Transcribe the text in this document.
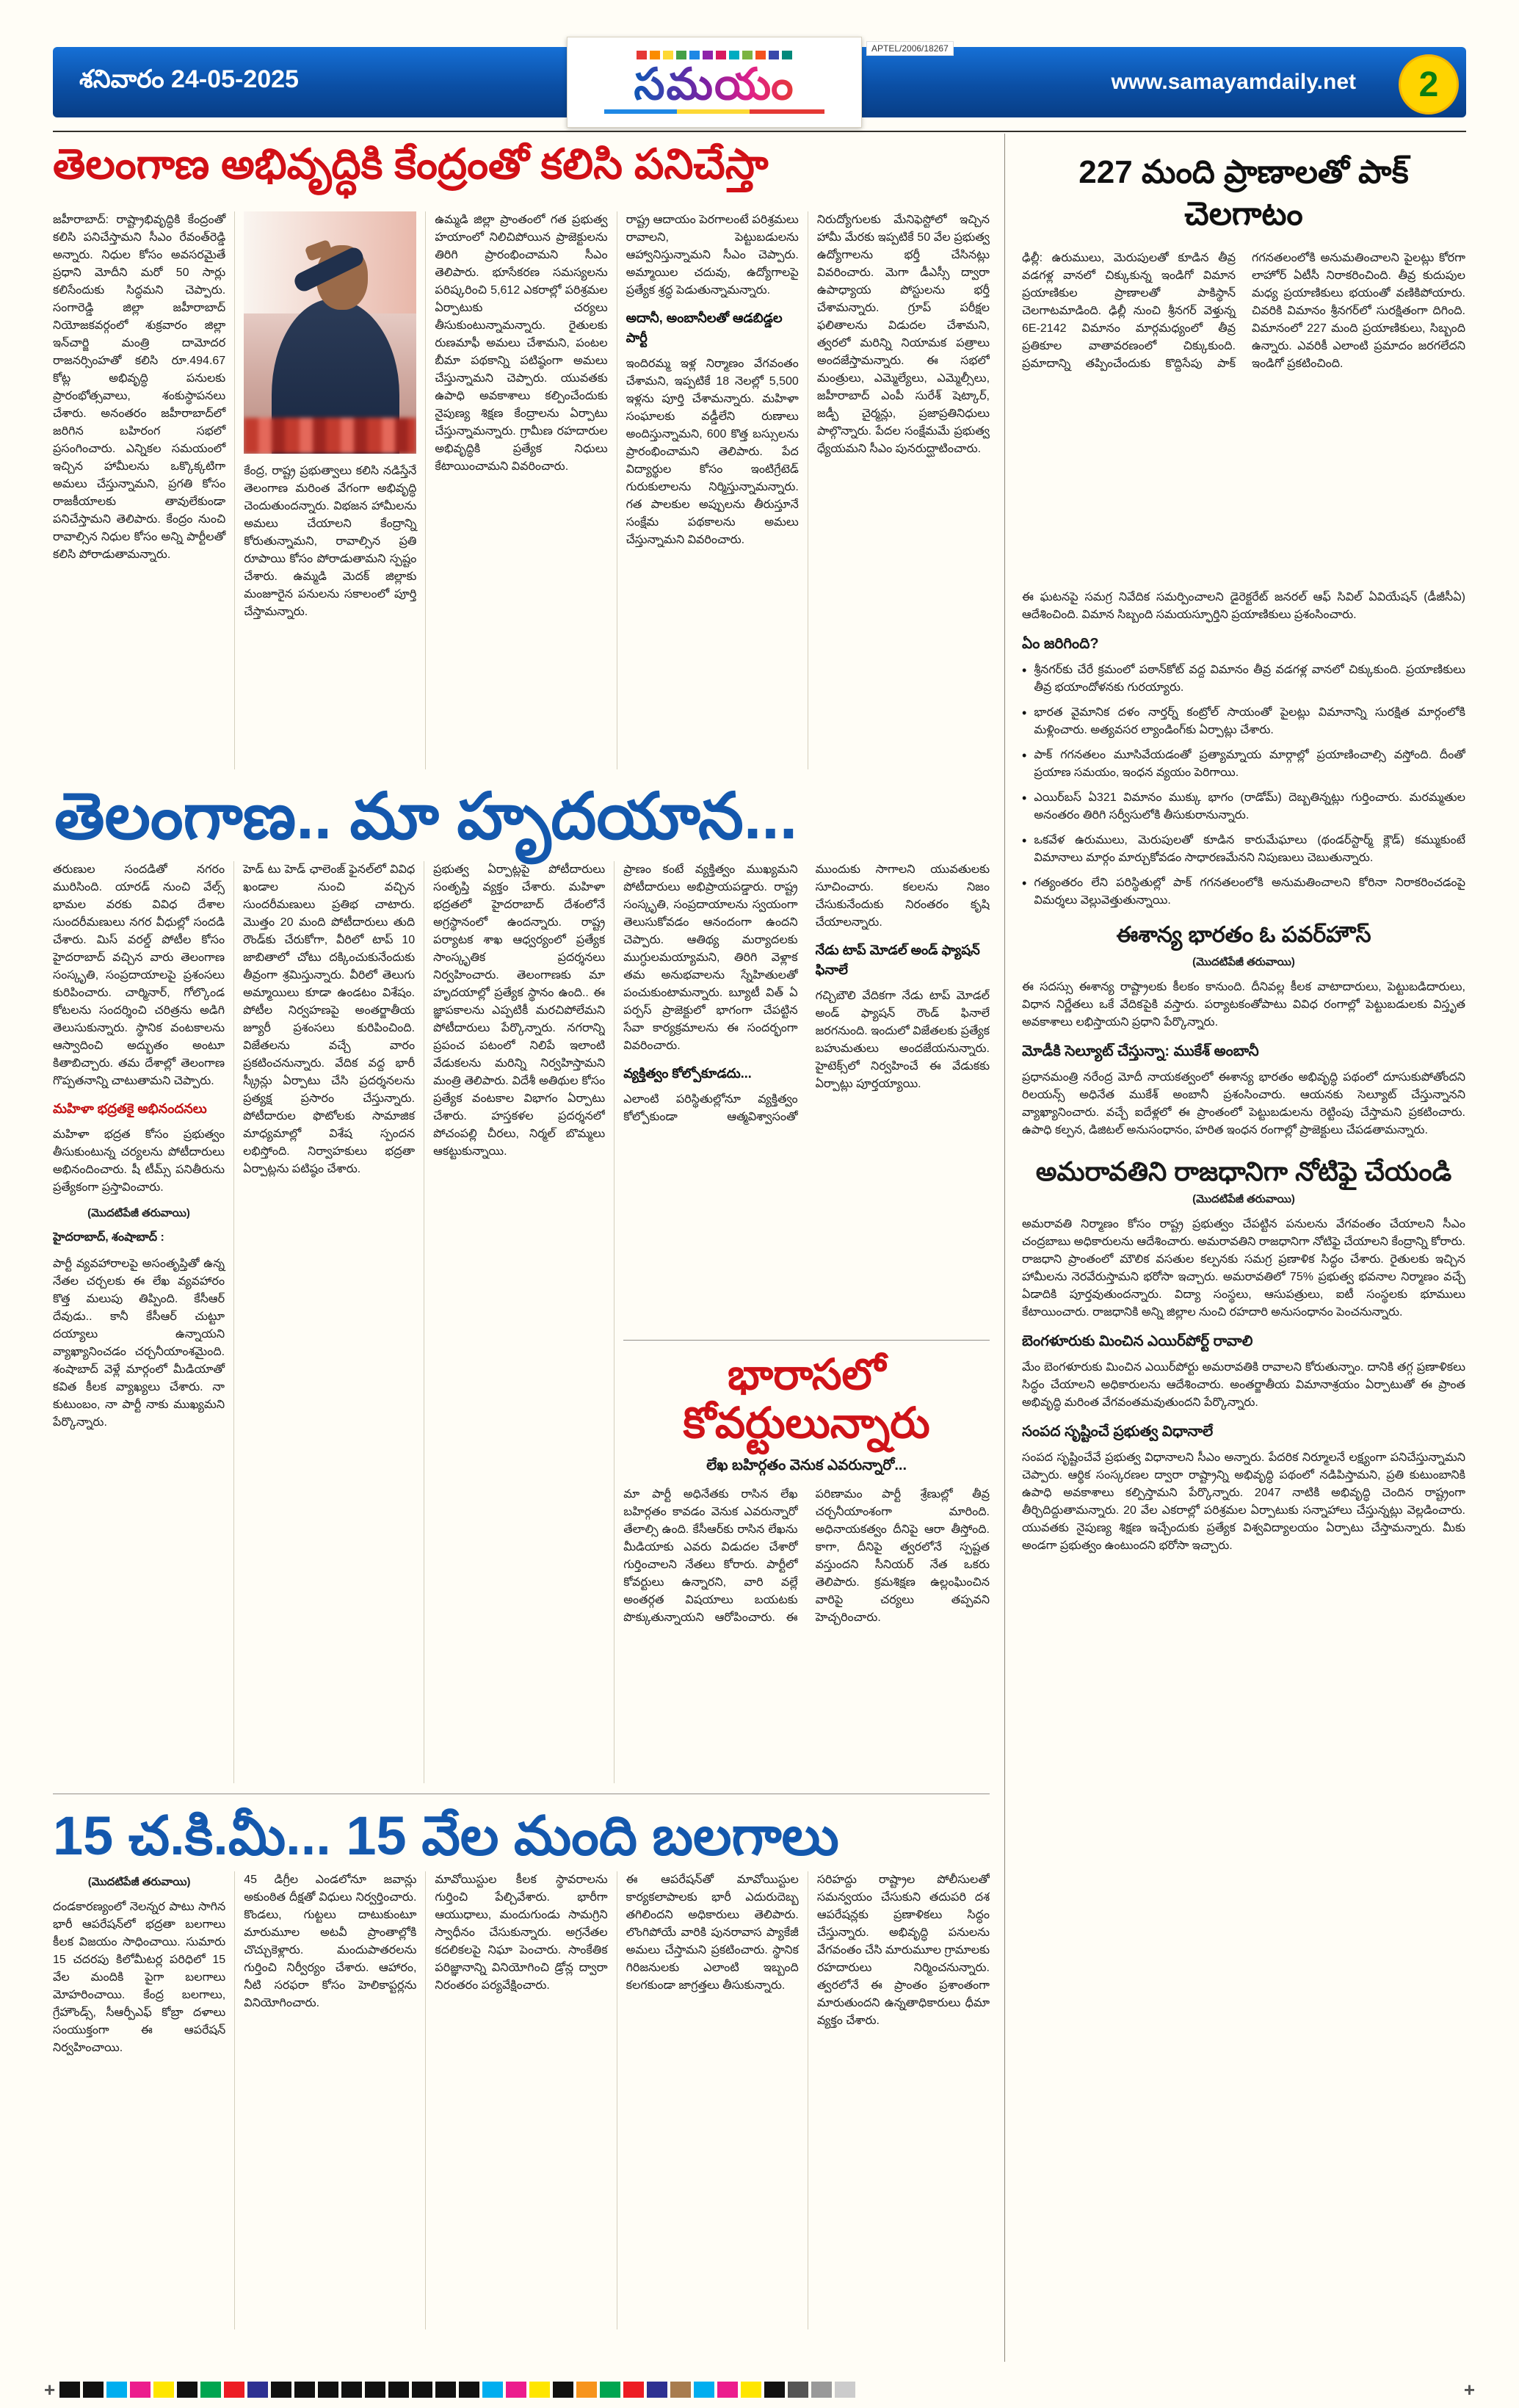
శనివారం 24-05-2025	సమయం
APTEL/2006/18267
www.samayamdaily.net	2
తెలంగాణ అభివృద్ధికి కేంద్రంతో కలిసి పనిచేస్తా

జహీరాబాద్: రాష్ట్రాభివృద్ధికి కేంద్రంతో కలిసి పనిచేస్తామని సీఎం రేవంత్‌రెడ్డి అన్నారు. నిధుల కోసం అవసరమైతే ప్రధాని మోదీని మరో 50 సార్లు కలిసేందుకు సిద్ధమని చెప్పారు. సంగారెడ్డి జిల్లా జహీరాబాద్ నియోజకవర్గంలో శుక్రవారం జిల్లా ఇన్‌చార్జి మంత్రి దామోదర రాజనర్సింహతో కలిసి రూ.494.67 కోట్ల అభివృద్ధి పనులకు ప్రారంభోత్సవాలు, శంకుస్థాపనలు చేశారు. అనంతరం జహీరాబాద్‌లో జరిగిన బహిరంగ సభలో ప్రసంగించారు. ఎన్నికల సమయంలో ఇచ్చిన హామీలను ఒక్కొక్కటిగా అమలు చేస్తున్నామని, ప్రగతి కోసం రాజకీయాలకు తావులేకుండా పనిచేస్తామని తెలిపారు. కేంద్రం నుంచి రావాల్సిన నిధుల కోసం అన్ని పార్టీలతో కలిసి పోరాడుతామన్నారు.

కేంద్ర, రాష్ట్ర ప్రభుత్వాలు కలిసి నడిస్తేనే తెలంగాణ మరింత వేగంగా అభివృద్ధి చెందుతుందన్నారు. విభజన హామీలను అమలు చేయాలని కేంద్రాన్ని కోరుతున్నామని, రావాల్సిన ప్రతి రూపాయి కోసం పోరాడుతామని స్పష్టం చేశారు. ఉమ్మడి మెదక్ జిల్లాకు మంజూరైన పనులను సకాలంలో పూర్తి చేస్తామన్నారు.

ఉమ్మడి జిల్లా ప్రాంతంలో గత ప్రభుత్వ హయాంలో నిలిచిపోయిన ప్రాజెక్టులను తిరిగి ప్రారంభించామని సీఎం తెలిపారు. భూసేకరణ సమస్యలను పరిష్కరించి 5,612 ఎకరాల్లో పరిశ్రమల ఏర్పాటుకు చర్యలు తీసుకుంటున్నామన్నారు. రైతులకు రుణమాఫీ అమలు చేశామని, పంటల బీమా పథకాన్ని పటిష్ఠంగా అమలు చేస్తున్నామని చెప్పారు. యువతకు ఉపాధి అవకాశాలు కల్పించేందుకు నైపుణ్య శిక్షణ కేంద్రాలను ఏర్పాటు చేస్తున్నామన్నారు. గ్రామీణ రహదారుల అభివృద్ధికి ప్రత్యేక నిధులు కేటాయించామని వివరించారు.

రాష్ట్ర ఆదాయం పెరగాలంటే పరిశ్రమలు రావాలని, పెట్టుబడులను ఆహ్వానిస్తున్నామని సీఎం చెప్పారు. అమ్మాయిల చదువు, ఉద్యోగాలపై ప్రత్యేక శ్రద్ధ పెడుతున్నామన్నారు.

అదానీ, అంబానీలతో ఆడబిడ్డల పార్టీ

ఇందిరమ్మ ఇళ్ల నిర్మాణం వేగవంతం చేశామని, ఇప్పటికే 18 నెలల్లో 5,500 ఇళ్లను పూర్తి చేశామన్నారు. మహిళా సంఘాలకు వడ్డీలేని రుణాలు అందిస్తున్నామని, 600 కొత్త బస్సులను ప్రారంభించామని తెలిపారు. పేద విద్యార్థుల కోసం ఇంటిగ్రేటెడ్ గురుకులాలను నిర్మిస్తున్నామన్నారు. గత పాలకుల అప్పులను తీరుస్తూనే సంక్షేమ పథకాలను అమలు చేస్తున్నామని వివరించారు.

నిరుద్యోగులకు మేనిఫెస్టోలో ఇచ్చిన హామీ మేరకు ఇప్పటికే 50 వేల ప్రభుత్వ ఉద్యోగాలను భర్తీ చేసినట్లు వివరించారు. మెగా డీఎస్సీ ద్వారా ఉపాధ్యాయ పోస్టులను భర్తీ చేశామన్నారు. గ్రూప్ పరీక్షల ఫలితాలను విడుదల చేశామని, త్వరలో మరిన్ని నియామక పత్రాలు అందజేస్తామన్నారు. ఈ సభలో మంత్రులు, ఎమ్మెల్యేలు, ఎమ్మెల్సీలు, జహీరాబాద్ ఎంపీ సురేశ్ షెట్కార్, జడ్పీ చైర్మన్లు, ప్రజాప్రతినిధులు పాల్గొన్నారు. పేదల సంక్షేమమే ప్రభుత్వ ధ్యేయమని సీఎం పునరుద్ఘాటించారు.

తెలంగాణ.. మా హృదయాన...

తరుణుల సందడితో నగరం మురిసింది. యారడ్ నుంచి వేల్స్ భామల వరకు వివిధ దేశాల సుందరీమణులు నగర వీధుల్లో సందడి చేశారు. మిస్ వరల్డ్ పోటీల కోసం హైదరాబాద్ వచ్చిన వారు తెలంగాణ సంస్కృతి, సంప్రదాయాలపై ప్రశంసలు కురిపించారు. చార్మినార్, గోల్కొండ కోటలను సందర్శించి చరిత్రను అడిగి తెలుసుకున్నారు. స్థానిక వంటకాలను ఆస్వాదించి అద్భుతం అంటూ కితాబిచ్చారు. తమ దేశాల్లో తెలంగాణ గొప్పతనాన్ని చాటుతామని చెప్పారు.

మహిళా భద్రతకై అభినందనలు

మహిళా భద్రత కోసం ప్రభుత్వం తీసుకుంటున్న చర్యలను పోటీదారులు అభినందించారు. షీ టీమ్స్ పనితీరును ప్రత్యేకంగా ప్రస్తావించారు.

(మొదటిపేజీ తరువాయి)

హైదరాబాద్, శంషాబాద్ :

పార్టీ వ్యవహారాలపై అసంతృప్తితో ఉన్న నేతల చర్చలకు ఈ లేఖ వ్యవహారం కొత్త మలుపు తిప్పింది. కేసీఆర్ దేవుడు.. కానీ కేసీఆర్ చుట్టూ దయ్యాలు ఉన్నాయని వ్యాఖ్యానించడం చర్చనీయాంశమైంది. శంషాబాద్ వెళ్లే మార్గంలో మీడియాతో కవిత కీలక వ్యాఖ్యలు చేశారు. నా కుటుంబం, నా పార్టీ నాకు ముఖ్యమని పేర్కొన్నారు.

హెడ్ టు హెడ్ ఛాలెంజ్ ఫైనల్‌లో వివిధ ఖండాల నుంచి వచ్చిన సుందరీమణులు ప్రతిభ చాటారు. మొత్తం 20 మంది పోటీదారులు తుది రౌండ్‌కు చేరుకోగా, వీరిలో టాప్ 10 జాబితాలో చోటు దక్కించుకునేందుకు తీవ్రంగా శ్రమిస్తున్నారు. వీరిలో తెలుగు అమ్మాయిలు కూడా ఉండటం విశేషం. పోటీల నిర్వహణపై అంతర్జాతీయ జ్యూరీ ప్రశంసలు కురిపించింది. విజేతలను వచ్చే వారం ప్రకటించనున్నారు. వేదిక వద్ద భారీ స్క్రీన్లు ఏర్పాటు చేసి ప్రదర్శనలను ప్రత్యక్ష ప్రసారం చేస్తున్నారు. పోటీదారుల ఫొటోలకు సామాజిక మాధ్యమాల్లో విశేష స్పందన లభిస్తోంది. నిర్వాహకులు భద్రతా ఏర్పాట్లను పటిష్ఠం చేశారు.

ప్రభుత్వ ఏర్పాట్లపై పోటీదారులు సంతృప్తి వ్యక్తం చేశారు. మహిళా భద్రతలో హైదరాబాద్ దేశంలోనే అగ్రస్థానంలో ఉందన్నారు. రాష్ట్ర పర్యాటక శాఖ ఆధ్వర్యంలో ప్రత్యేక సాంస్కృతిక ప్రదర్శనలు నిర్వహించారు. తెలంగాణకు మా హృదయాల్లో ప్రత్యేక స్థానం ఉంది.. ఈ జ్ఞాపకాలను ఎప్పటికీ మరచిపోలేమని పోటీదారులు పేర్కొన్నారు. నగరాన్ని ప్రపంచ పటంలో నిలిపే ఇలాంటి వేడుకలను మరిన్ని నిర్వహిస్తామని మంత్రి తెలిపారు. విదేశీ అతిథుల కోసం ప్రత్యేక వంటకాల విభాగం ఏర్పాటు చేశారు. హస్తకళల ప్రదర్శనలో పోచంపల్లి చీరలు, నిర్మల్ బొమ్మలు ఆకట్టుకున్నాయి.

ప్రాణం కంటే వ్యక్తిత్వం ముఖ్యమని పోటీదారులు అభిప్రాయపడ్డారు. రాష్ట్ర సంస్కృతి, సంప్రదాయాలను స్వయంగా తెలుసుకోవడం ఆనందంగా ఉందని చెప్పారు. ఆతిథ్య మర్యాదలకు ముగ్ధులమయ్యామని, తిరిగి వెళ్లాక తమ అనుభవాలను స్నేహితులతో పంచుకుంటామన్నారు. బ్యూటీ విత్ ఏ పర్పస్ ప్రాజెక్టులో భాగంగా చేపట్టిన సేవా కార్యక్రమాలను ఈ సందర్భంగా వివరించారు.

వ్యక్తిత్వం కోల్పోకూడదు...

ఎలాంటి పరిస్థితుల్లోనూ వ్యక్తిత్వం కోల్పోకుండా ఆత్మవిశ్వాసంతో ముందుకు సాగాలని యువతులకు సూచించారు. కలలను నిజం చేసుకునేందుకు నిరంతరం కృషి చేయాలన్నారు.

నేడు టాప్ మోడల్ అండ్ ఫ్యాషన్ ఫినాలే

గచ్చిబౌలి వేదికగా నేడు టాప్ మోడల్ అండ్ ఫ్యాషన్ రౌండ్ ఫినాలే జరగనుంది. ఇందులో విజేతలకు ప్రత్యేక బహుమతులు అందజేయనున్నారు. హైటెక్స్‌లో నిర్వహించే ఈ వేడుకకు ఏర్పాట్లు పూర్తయ్యాయి.

భారాసలో కోవర్టులున్నారు
లేఖ బహిర్గతం వెనుక ఎవరున్నారో...
మా పార్టీ అధినేతకు రాసిన లేఖ బహిర్గతం కావడం వెనుక ఎవరున్నారో తేలాల్సి ఉంది. కేసీఆర్‌కు రాసిన లేఖను మీడియాకు ఎవరు విడుదల చేశారో గుర్తించాలని నేతలు కోరారు. పార్టీలో కోవర్టులు ఉన్నారని, వారి వల్లే అంతర్గత విషయాలు బయటకు పొక్కుతున్నాయని ఆరోపించారు. ఈ పరిణామం పార్టీ శ్రేణుల్లో తీవ్ర చర్చనీయాంశంగా మారింది. అధినాయకత్వం దీనిపై ఆరా తీస్తోంది. కాగా, దీనిపై త్వరలోనే స్పష్టత వస్తుందని సీనియర్ నేత ఒకరు తెలిపారు. క్రమశిక్షణ ఉల్లంఘించిన వారిపై చర్యలు తప్పవని హెచ్చరించారు.
15 చ.కి.మీ... 15 వేల మంది బలగాలు
(మొదటిపేజీ తరువాయి)

దండకారణ్యంలో నెలన్నర పాటు సాగిన భారీ ఆపరేషన్‌లో భద్రతా బలగాలు కీలక విజయం సాధించాయి. సుమారు 15 చదరపు కిలోమీటర్ల పరిధిలో 15 వేల మందికి పైగా బలగాలు మోహరించాయి. కేంద్ర బలగాలు, గ్రేహౌండ్స్, సీఆర్పీఎఫ్ కోబ్రా దళాలు సంయుక్తంగా ఈ ఆపరేషన్ నిర్వహించాయి.

45 డిగ్రీల ఎండలోనూ జవాన్లు అకుంఠిత దీక్షతో విధులు నిర్వర్తించారు. కొండలు, గుట్టలు దాటుకుంటూ మారుమూల అటవీ ప్రాంతాల్లోకి చొచ్చుకెళ్లారు. మందుపాతరలను గుర్తించి నిర్వీర్యం చేశారు. ఆహారం, నీటి సరఫరా కోసం హెలికాప్టర్లను వినియోగించారు.

మావోయిస్టుల కీలక స్థావరాలను గుర్తించి పేల్చివేశారు. భారీగా ఆయుధాలు, మందుగుండు సామగ్రిని స్వాధీనం చేసుకున్నారు. అగ్రనేతల కదలికలపై నిఘా పెంచారు. సాంకేతిక పరిజ్ఞానాన్ని వినియోగించి డ్రోన్ల ద్వారా నిరంతరం పర్యవేక్షించారు.

ఈ ఆపరేషన్‌తో మావోయిస్టుల కార్యకలాపాలకు భారీ ఎదురుదెబ్బ తగిలిందని అధికారులు తెలిపారు. లొంగిపోయే వారికి పునరావాస ప్యాకేజీ అమలు చేస్తామని ప్రకటించారు. స్థానిక గిరిజనులకు ఎలాంటి ఇబ్బంది కలగకుండా జాగ్రత్తలు తీసుకున్నారు.

సరిహద్దు రాష్ట్రాల పోలీసులతో సమన్వయం చేసుకుని తదుపరి దశ ఆపరేషన్లకు ప్రణాళికలు సిద్ధం చేస్తున్నారు. అభివృద్ధి పనులను వేగవంతం చేసి మారుమూల గ్రామాలకు రహదారులు నిర్మించనున్నారు. త్వరలోనే ఈ ప్రాంతం ప్రశాంతంగా మారుతుందని ఉన్నతాధికారులు ధీమా వ్యక్తం చేశారు.

227 మంది ప్రాణాలతో పాక్ చెలగాటం
ఢిల్లీ: ఉరుములు, మెరుపులతో కూడిన తీవ్ర వడగళ్ల వానలో చిక్కుకున్న ఇండిగో విమాన ప్రయాణికుల ప్రాణాలతో పాకిస్థాన్ చెలగాటమాడింది. ఢిల్లీ నుంచి శ్రీనగర్ వెళ్తున్న 6E-2142 విమానం మార్గమధ్యంలో తీవ్ర ప్రతికూల వాతావరణంలో చిక్కుకుంది. ప్రమాదాన్ని తప్పించేందుకు కొద్దిసేపు పాక్ గగనతలంలోకి అనుమతించాలని పైలట్లు కోరగా లాహోర్ ఏటీసీ నిరాకరించింది. తీవ్ర కుదుపుల మధ్య ప్రయాణికులు భయంతో వణికిపోయారు. చివరికి విమానం శ్రీనగర్‌లో సురక్షితంగా దిగింది. విమానంలో 227 మంది ప్రయాణికులు, సిబ్బంది ఉన్నారు. ఎవరికీ ఎలాంటి ప్రమాదం జరగలేదని ఇండిగో ప్రకటించింది.

ఈ ఘటనపై సమగ్ర నివేదిక సమర్పించాలని డైరెక్టరేట్ జనరల్ ఆఫ్ సివిల్ ఏవియేషన్ (డీజీసీఏ) ఆదేశించింది. విమాన సిబ్బంది సమయస్ఫూర్తిని ప్రయాణికులు ప్రశంసించారు.

ఏం జరిగింది?
• శ్రీనగర్‌కు చేరే క్రమంలో పఠాన్‌కోట్ వద్ద విమానం తీవ్ర వడగళ్ల వానలో చిక్కుకుంది. ప్రయాణికులు తీవ్ర భయాందోళనకు గురయ్యారు.
• భారత వైమానిక దళం నార్తర్న్ కంట్రోల్ సాయంతో పైలట్లు విమానాన్ని సురక్షిత మార్గంలోకి మళ్లించారు. అత్యవసర ల్యాండింగ్‌కు ఏర్పాట్లు చేశారు.
• పాక్ గగనతలం మూసివేయడంతో ప్రత్యామ్నాయ మార్గాల్లో ప్రయాణించాల్సి వస్తోంది. దీంతో ప్రయాణ సమయం, ఇంధన వ్యయం పెరిగాయి.
• ఎయిర్‌బస్ ఏ321 విమానం ముక్కు భాగం (రాడోమ్) దెబ్బతిన్నట్లు గుర్తించారు. మరమ్మతుల అనంతరం తిరిగి సర్వీసులోకి తీసుకురానున్నారు.
• ఒకవేళ ఉరుములు, మెరుపులతో కూడిన కారుమేఘాలు (థండర్‌స్టార్మ్ క్లౌడ్) కమ్ముకుంటే విమానాలు మార్గం మార్చుకోవడం సాధారణమేనని నిపుణులు చెబుతున్నారు.
• గత్యంతరం లేని పరిస్థితుల్లో పాక్ గగనతలంలోకి అనుమతించాలని కోరినా నిరాకరించడంపై విమర్శలు వెల్లువెత్తుతున్నాయి.
ఈశాన్య భారతం ఓ పవర్‌హౌస్
(మొదటిపేజీ తరువాయి)

ఈ సదస్సు ఈశాన్య రాష్ట్రాలకు కీలకం కానుంది. దీనివల్ల కీలక వాటాదారులు, పెట్టుబడిదారులు, విధాన నిర్ణేతలు ఒకే వేదికపైకి వస్తారు. పర్యాటకంతోపాటు వివిధ రంగాల్లో పెట్టుబడులకు విస్తృత అవకాశాలు లభిస్తాయని ప్రధాని పేర్కొన్నారు.

మోడీకి సెల్యూట్ చేస్తున్నా: ముకేశ్ అంబానీ

ప్రధానమంత్రి నరేంద్ర మోదీ నాయకత్వంలో ఈశాన్య భారతం అభివృద్ధి పథంలో దూసుకుపోతోందని రిలయన్స్ అధినేత ముకేశ్ అంబానీ ప్రశంసించారు. ఆయనకు సెల్యూట్ చేస్తున్నానని వ్యాఖ్యానించారు. వచ్చే ఐదేళ్లలో ఈ ప్రాంతంలో పెట్టుబడులను రెట్టింపు చేస్తామని ప్రకటించారు. ఉపాధి కల్పన, డిజిటల్ అనుసంధానం, హరిత ఇంధన రంగాల్లో ప్రాజెక్టులు చేపడతామన్నారు.

అమరావతిని రాజధానిగా నోటిఫై చేయండి
(మొదటిపేజీ తరువాయి)

అమరావతి నిర్మాణం కోసం రాష్ట్ర ప్రభుత్వం చేపట్టిన పనులను వేగవంతం చేయాలని సీఎం చంద్రబాబు అధికారులను ఆదేశించారు. అమరావతిని రాజధానిగా నోటిఫై చేయాలని కేంద్రాన్ని కోరారు. రాజధాని ప్రాంతంలో మౌలిక వసతుల కల్పనకు సమగ్ర ప్రణాళిక సిద్ధం చేశారు. రైతులకు ఇచ్చిన హామీలను నెరవేరుస్తామని భరోసా ఇచ్చారు. అమరావతిలో 75% ప్రభుత్వ భవనాల నిర్మాణం వచ్చే ఏడాదికి పూర్తవుతుందన్నారు. విద్యా సంస్థలు, ఆసుపత్రులు, ఐటీ సంస్థలకు భూములు కేటాయించారు. రాజధానికి అన్ని జిల్లాల నుంచి రహదారి అనుసంధానం పెంచనున్నారు.

బెంగళూరుకు మించిన ఎయిర్‌పోర్ట్ రావాలి

మేం బెంగళూరుకు మించిన ఎయిర్‌పోర్టు అమరావతికి రావాలని కోరుతున్నాం. దానికి తగ్గ ప్రణాళికలు సిద్ధం చేయాలని అధికారులను ఆదేశించారు. అంతర్జాతీయ విమానాశ్రయం ఏర్పాటుతో ఈ ప్రాంత అభివృద్ధి మరింత వేగవంతమవుతుందని పేర్కొన్నారు.

సంపద సృష్టించే ప్రభుత్వ విధానాలే

సంపద సృష్టించేవే ప్రభుత్వ విధానాలని సీఎం అన్నారు. పేదరిక నిర్మూలనే లక్ష్యంగా పనిచేస్తున్నామని చెప్పారు. ఆర్థిక సంస్కరణల ద్వారా రాష్ట్రాన్ని అభివృద్ధి పథంలో నడిపిస్తామని, ప్రతి కుటుంబానికి ఉపాధి అవకాశాలు కల్పిస్తామని పేర్కొన్నారు. 2047 నాటికి అభివృద్ధి చెందిన రాష్ట్రంగా తీర్చిదిద్దుతామన్నారు. 20 వేల ఎకరాల్లో పరిశ్రమల ఏర్పాటుకు సన్నాహాలు చేస్తున్నట్లు వెల్లడించారు. యువతకు నైపుణ్య శిక్షణ ఇచ్చేందుకు ప్రత్యేక విశ్వవిద్యాలయం ఏర్పాటు చేస్తామన్నారు. మీకు అండగా ప్రభుత్వం ఉంటుందని భరోసా ఇచ్చారు.

+	+
